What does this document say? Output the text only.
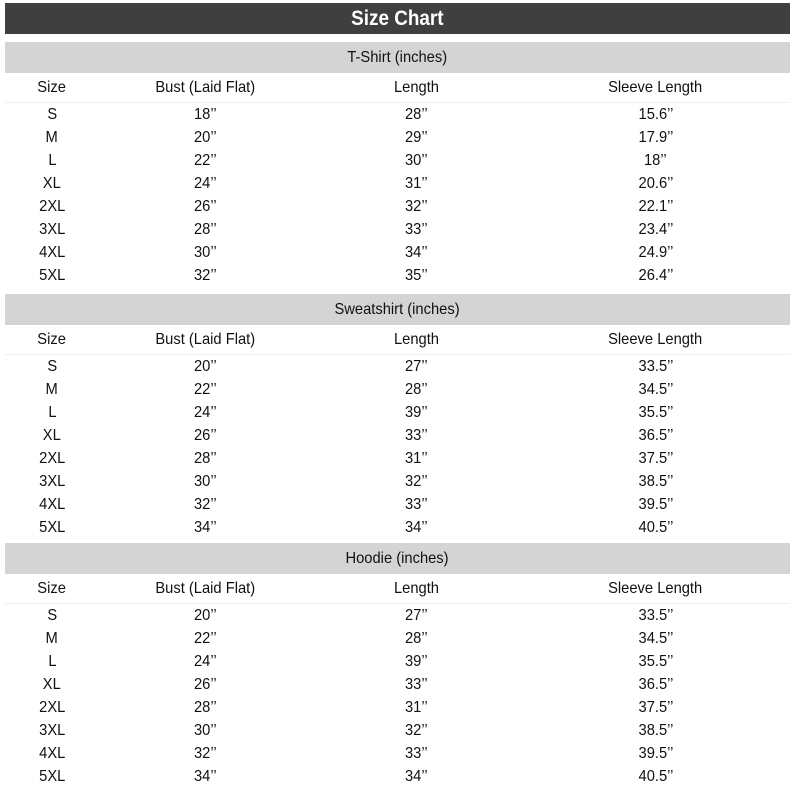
Size Chart
T-Shirt (inches)
Size	Bust (Laid Flat)	Length	Sleeve Length
S	18’’	28’’	15.6’’
M	20’’	29’’	17.9’’
L	22’’	30’’	18’’
XL	24’’	31’’	20.6’’
2XL	26’’	32’’	22.1’’
3XL	28’’	33’’	23.4’’
4XL	30’’	34’’	24.9’’
5XL	32’’	35’’	26.4’’
Sweatshirt (inches)
Size	Bust (Laid Flat)	Length	Sleeve Length
S	20’’	27’’	33.5’’
M	22’’	28’’	34.5’’
L	24’’	39’’	35.5’’
XL	26’’	33’’	36.5’’
2XL	28’’	31’’	37.5’’
3XL	30’’	32’’	38.5’’
4XL	32’’	33’’	39.5’’
5XL	34’’	34’’	40.5’’
Hoodie (inches)
Size	Bust (Laid Flat)	Length	Sleeve Length
S	20’’	27’’	33.5’’
M	22’’	28’’	34.5’’
L	24’’	39’’	35.5’’
XL	26’’	33’’	36.5’’
2XL	28’’	31’’	37.5’’
3XL	30’’	32’’	38.5’’
4XL	32’’	33’’	39.5’’
5XL	34’’	34’’	40.5’’
